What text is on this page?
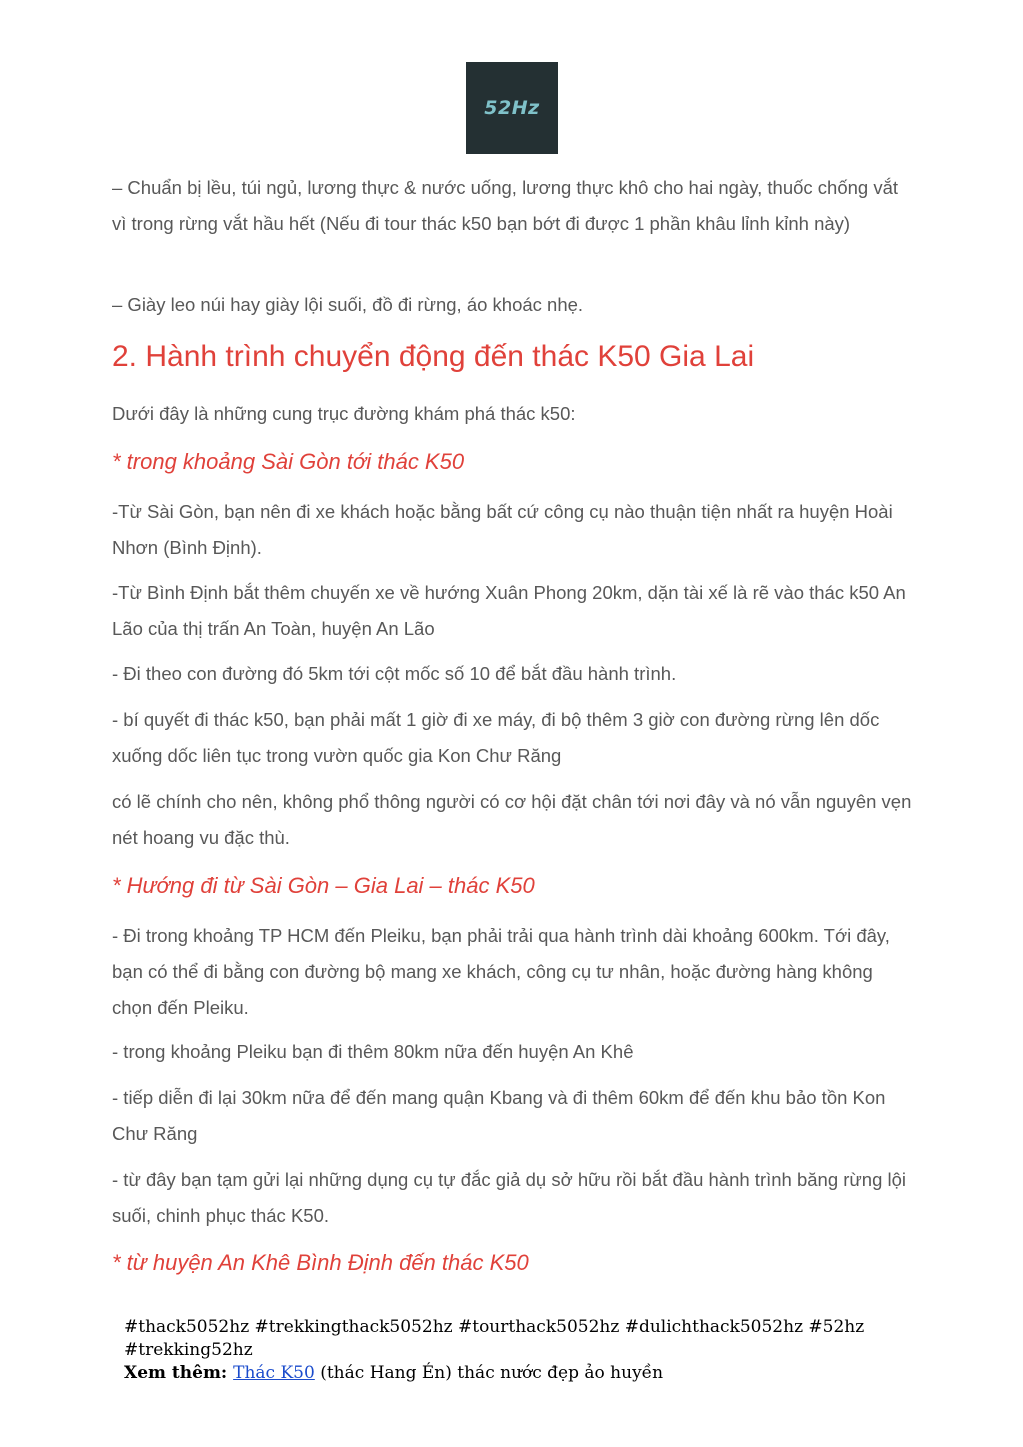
52Hz

– Chuẩn bị lều, túi ngủ, lương thực & nước uống, lương thực khô cho hai ngày, thuốc chống vắt vì trong rừng vắt hầu hết (Nếu đi tour thác k50 bạn bớt đi được 1 phần khâu lỉnh kỉnh này)

– Giày leo núi hay giày lội suối, đồ đi rừng, áo khoác nhẹ.

2. Hành trình chuyển động đến thác K50 Gia Lai

Dưới đây là những cung trục đường khám phá thác k50:

* trong khoảng Sài Gòn tới thác K50

-Từ Sài Gòn, bạn nên đi xe khách hoặc bằng bất cứ công cụ nào thuận tiện nhất ra huyện Hoài Nhơn (Bình Định).

-Từ Bình Định bắt thêm chuyến xe về hướng Xuân Phong 20km, dặn tài xế là rẽ vào thác k50 An Lão của thị trấn An Toàn, huyện An Lão

- Đi theo con đường đó 5km tới cột mốc số 10 để bắt đầu hành trình.

- bí quyết đi thác k50, bạn phải mất 1 giờ đi xe máy, đi bộ thêm 3 giờ con đường rừng lên dốc xuống dốc liên tục trong vườn quốc gia Kon Chư Răng

có lẽ chính cho nên, không phổ thông người có cơ hội đặt chân tới nơi đây và nó vẫn nguyên vẹn nét hoang vu đặc thù.

* Hướng đi từ Sài Gòn – Gia Lai – thác K50

- Đi trong khoảng TP HCM đến Pleiku, bạn phải trải qua hành trình dài khoảng 600km. Tới đây, bạn có thể đi bằng con đường bộ mang xe khách, công cụ tư nhân, hoặc đường hàng không chọn đến Pleiku.

- trong khoảng Pleiku bạn đi thêm 80km nữa đến huyện An Khê

- tiếp diễn đi lại 30km nữa để đến mang quận Kbang và đi thêm 60km để đến khu bảo tồn Kon Chư Răng

- từ đây bạn tạm gửi lại những dụng cụ tự đắc giả dụ sở hữu rồi bắt đầu hành trình băng rừng lội suối, chinh phục thác K50.

* từ huyện An Khê Bình Định đến thác K50
#thack5052hz #trekkingthack5052hz #tourthack5052hz #dulichthack5052hz #52hz #trekking52hz
Xem thêm: Thác K50 (thác Hang Én) thác nước đẹp ảo huyền
